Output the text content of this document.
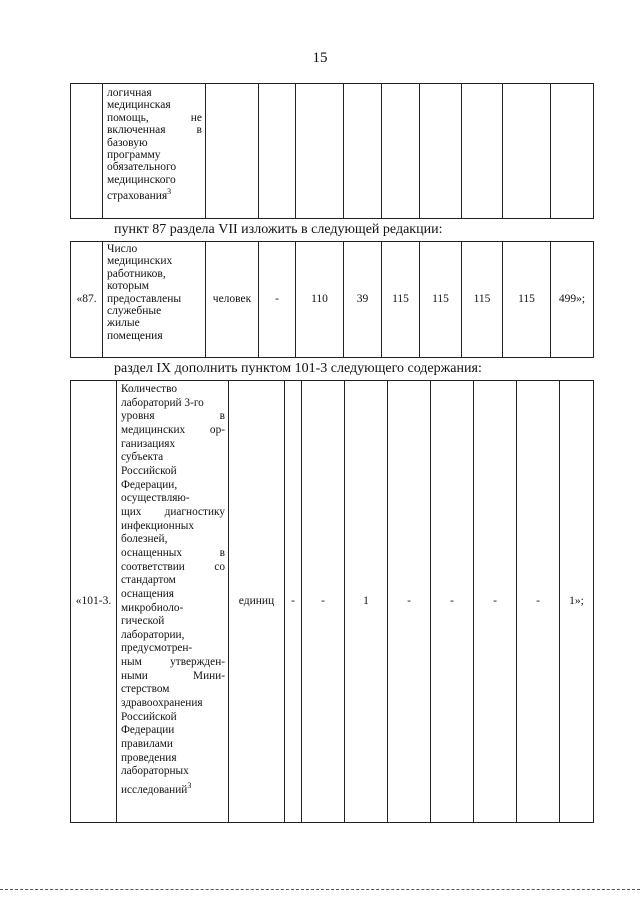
15

логичная
медицинская
помощь, не
включенная в
базовую
программу
обязательного
медицинского
страхования$^3$

пункт 87 раздела VII изложить в следующей редакции:
«87.	
Число
медицинских
работников,
которым
предоставлены
служебные
жилые
помещения
	человек	-	110	39	115	115	115	115	499»;
раздел IX дополнить пунктом 101-3 следующего содержания:
«101-3.	
Количество
лабораторий 3-го
уровня в
медицинских ор-
ганизациях
субъекта
Российской
Федерации,
осуществляю-
щих диагностику
инфекционных
болезней,
оснащенных в
соответствии со
стандартом
оснащения
микробиоло-
гической
лаборатории,
предусмотрен-
ным утвержден-
ными Мини-
стерством
здравоохранения
Российской
Федерации
правилами
проведения
лабораторных
исследований$^3$
	единиц	-	-	1	-	-	-	-	1»;
